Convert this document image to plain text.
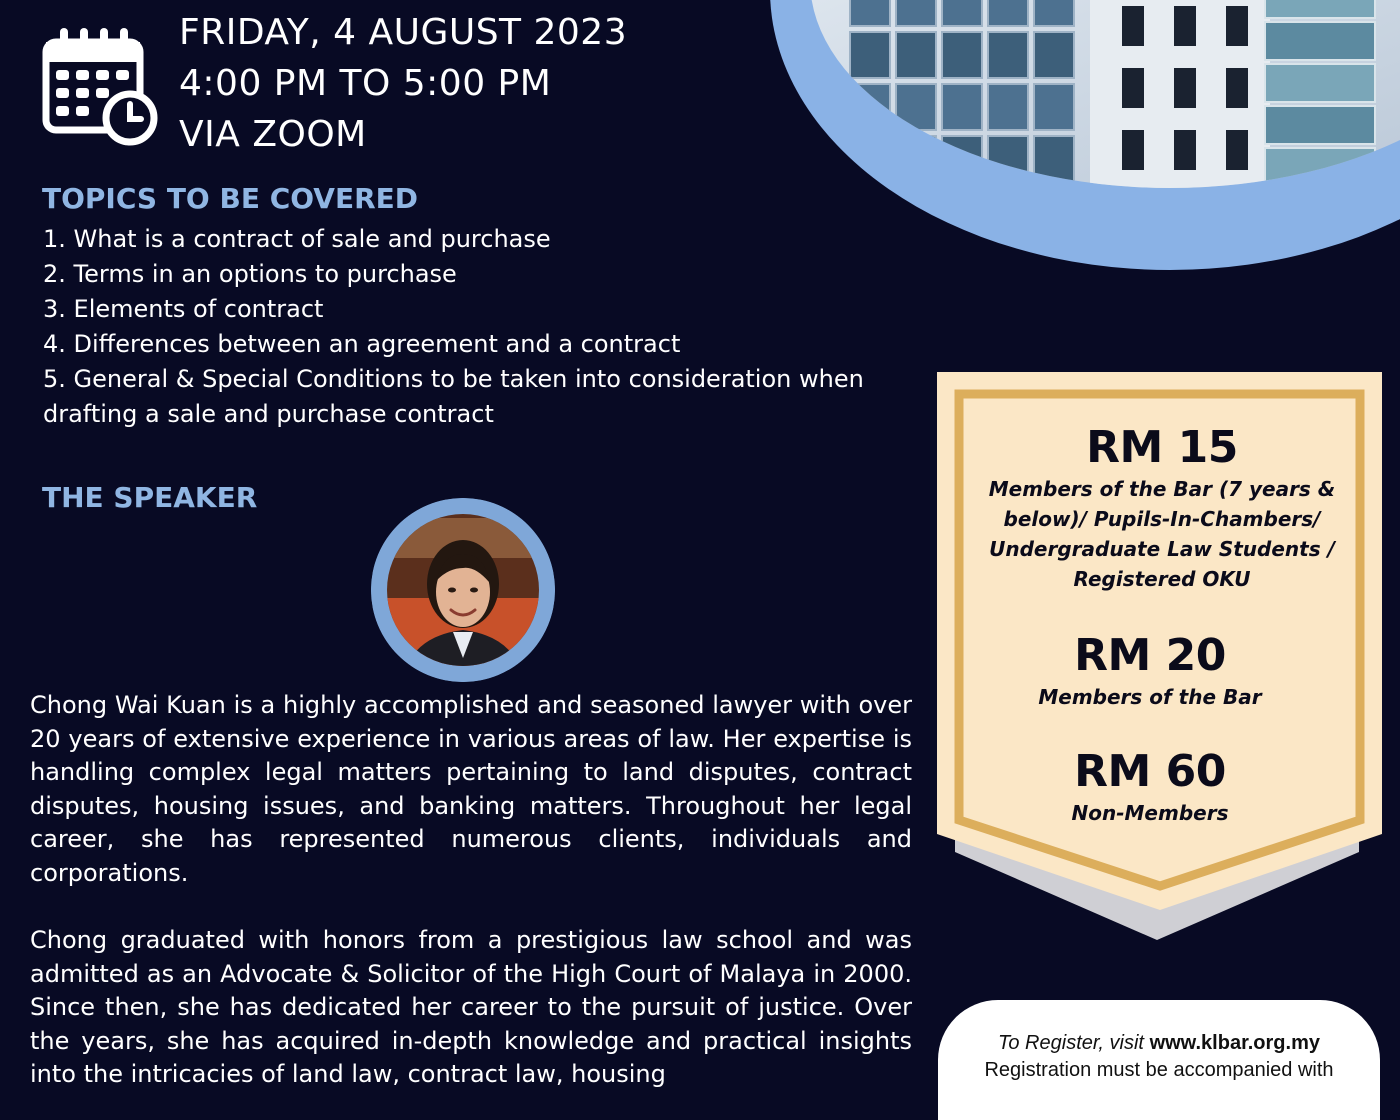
FRIDAY, 4 AUGUST 2023
4:00 PM TO 5:00 PM
VIA ZOOM
TOPICS TO BE COVERED
1. What is a contract of sale and purchase
2. Terms in an options to purchase
3. Elements of contract
4. Differences between an agreement and a contract
5. General & Special Conditions to be taken into consideration when drafting a sale and purchase contract
THE SPEAKER

Chong Wai Kuan is a highly accomplished and seasoned lawyer with over 20 years of extensive experience in various areas of law. Her expertise is handling complex legal matters pertaining to land disputes, contract disputes, housing issues, and banking matters. Throughout her legal career, she has represented numerous clients, individuals and corporations.

Chong graduated with honors from a prestigious law school and was admitted as an Advocate & Solicitor of the High Court of Malaya in 2000. Since then, she has dedicated her career to the pursuit of justice. Over the years, she has acquired in-depth knowledge and practical insights into the intricacies of land law, contract law, housing

RM 15
Members of the Bar (7 years & below)/ Pupils-In-Chambers/ Undergraduate Law Students / Registered OKU
RM 20
Members of the Bar
RM 60
Non-Members
To Register, visit www.klbar.org.my
Registration must be accompanied with
